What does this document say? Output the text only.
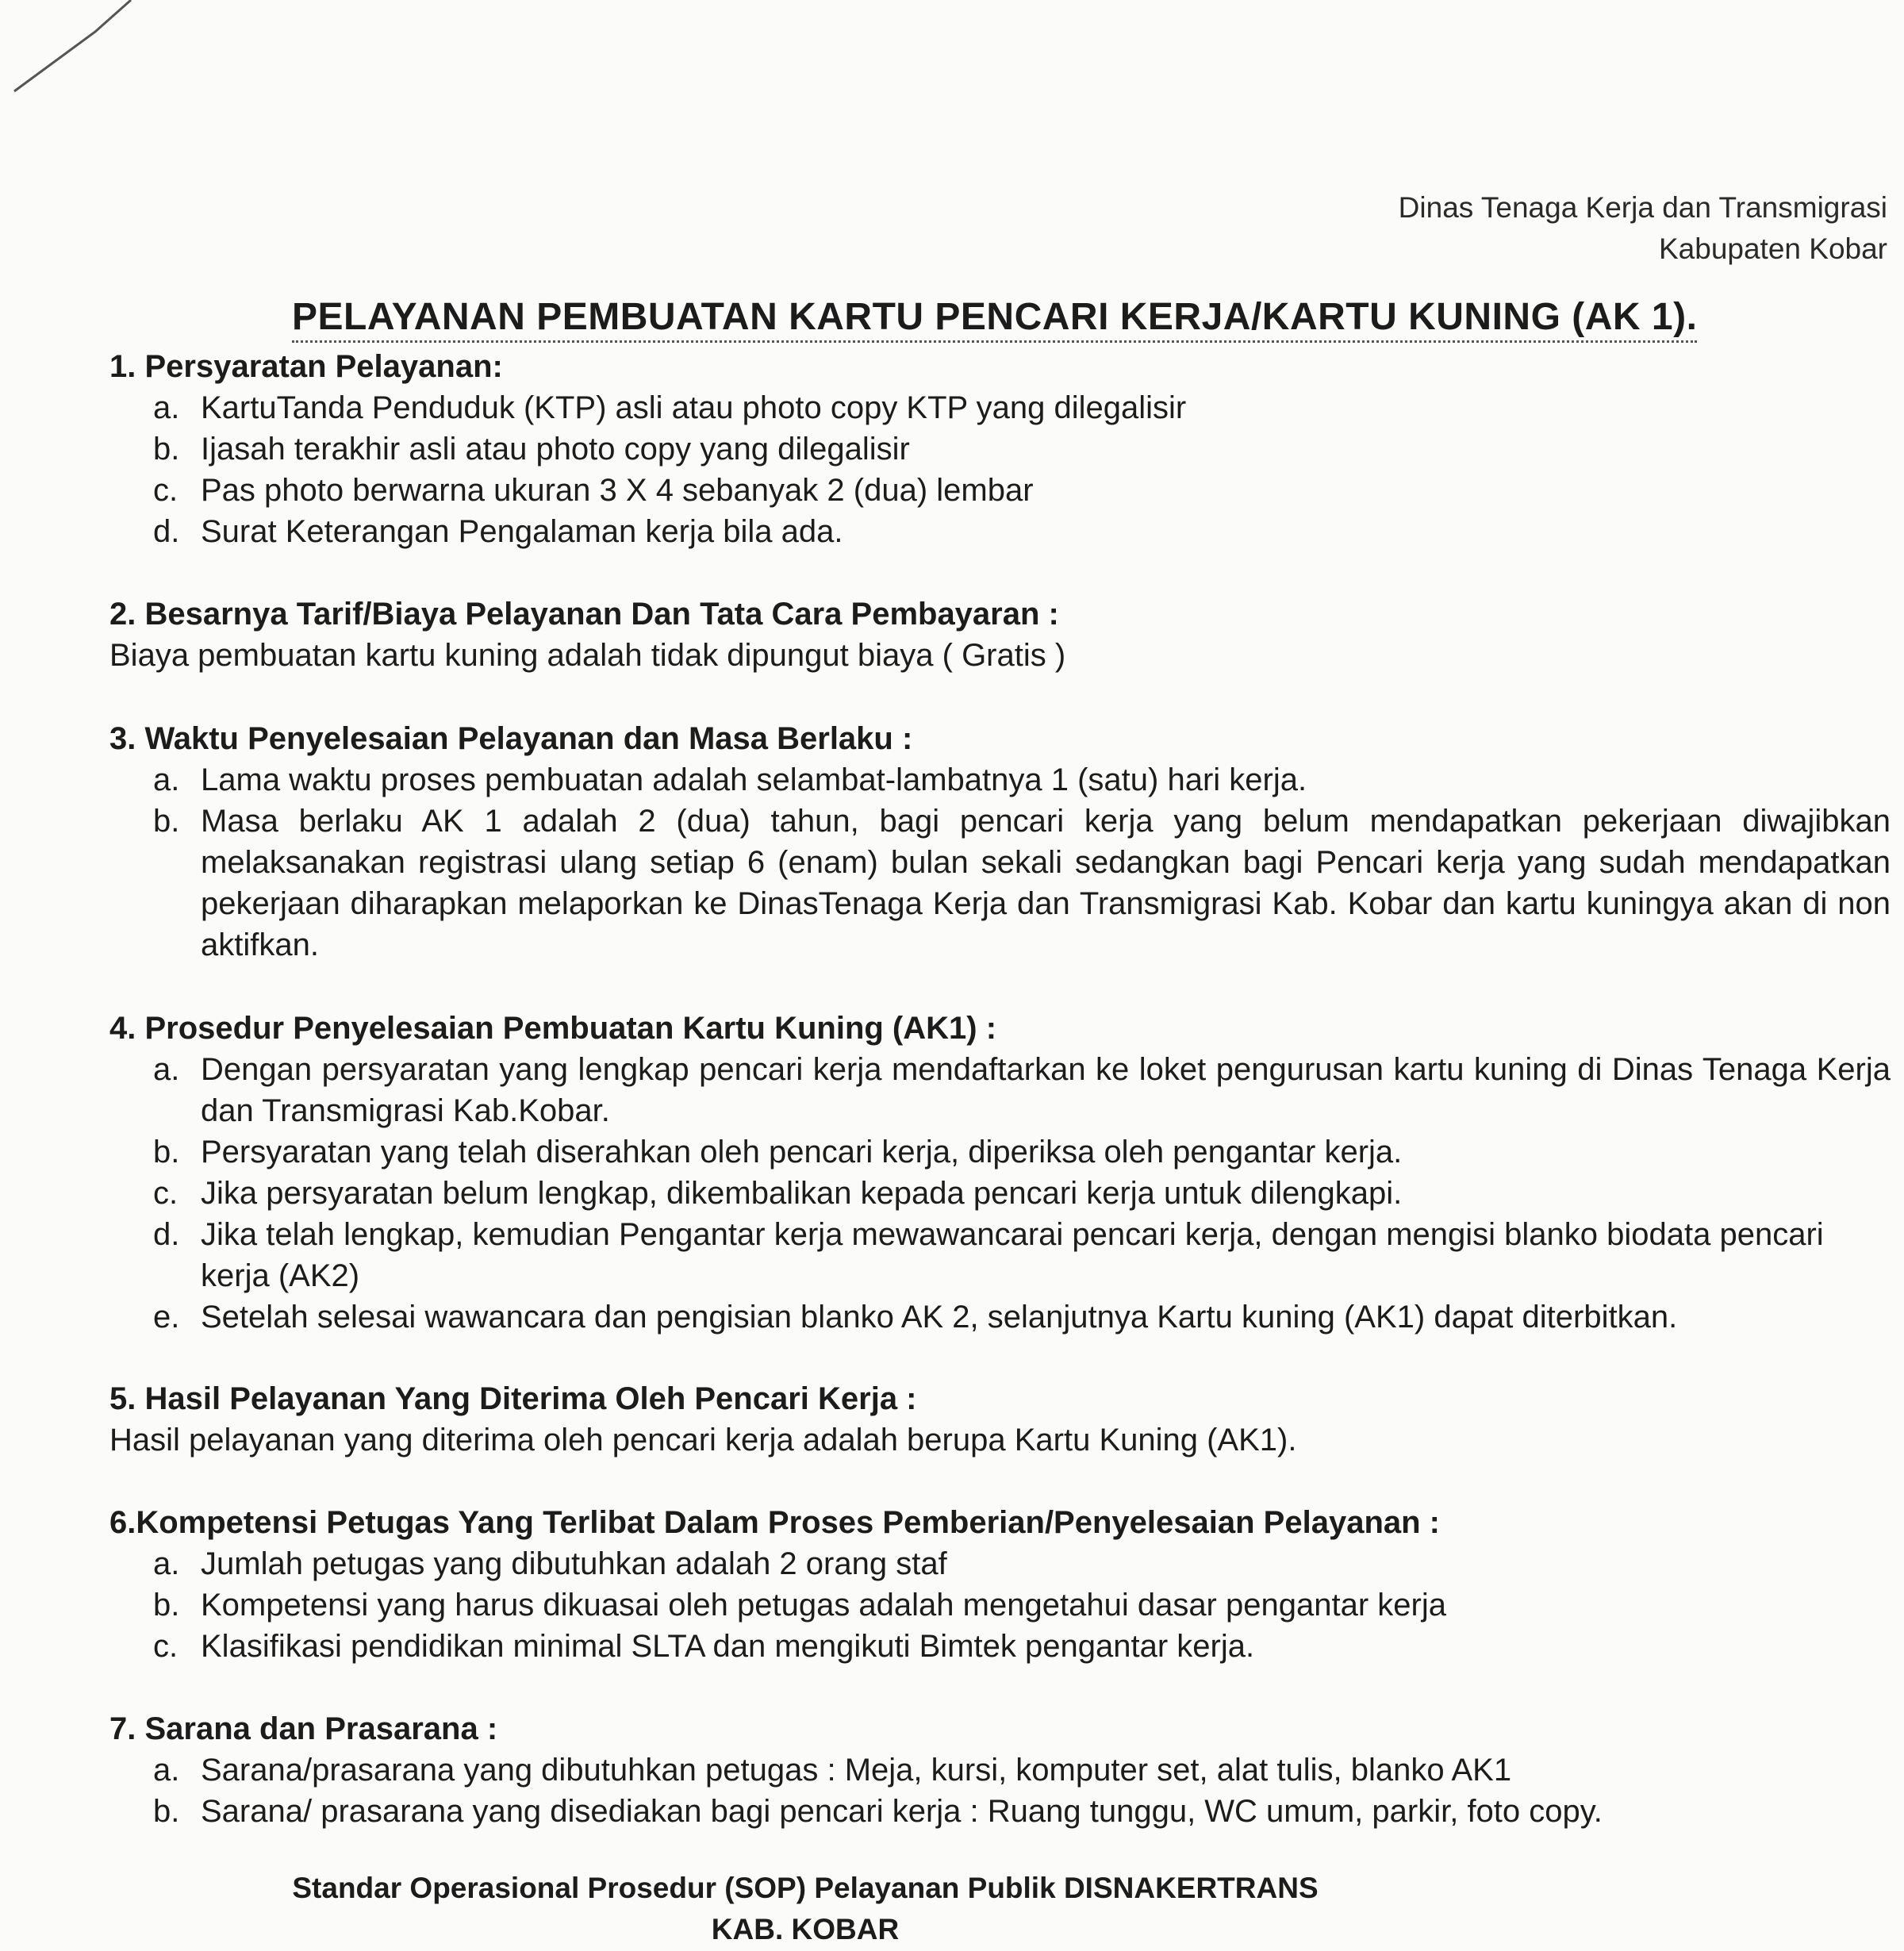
Dinas Tenaga Kerja dan Transmigrasi
Kabupaten Kobar
PELAYANAN PEMBUATAN KARTU PENCARI KERJA/KARTU KUNING (AK 1).
1. Persyaratan Pelayanan:
a. KartuTanda Penduduk (KTP) asli atau photo copy KTP yang dilegalisir
b. Ijasah terakhir asli atau photo copy yang dilegalisir
c. Pas photo berwarna ukuran 3 X 4 sebanyak 2 (dua) lembar
d. Surat Keterangan Pengalaman kerja bila ada.
2. Besarnya Tarif/Biaya Pelayanan Dan Tata Cara Pembayaran :
Biaya pembuatan kartu kuning adalah tidak dipungut biaya ( Gratis )
3. Waktu Penyelesaian Pelayanan dan Masa Berlaku :
a. Lama waktu proses pembuatan adalah selambat-lambatnya 1 (satu) hari kerja.
b. Masa berlaku AK 1 adalah 2 (dua) tahun, bagi pencari kerja yang belum mendapatkan pekerjaan diwajibkan melaksanakan registrasi ulang setiap 6 (enam) bulan sekali sedangkan bagi Pencari kerja yang sudah mendapatkan pekerjaan diharapkan melaporkan ke DinasTenaga Kerja dan Transmigrasi Kab. Kobar dan kartu kuningya akan di non aktifkan.
4. Prosedur Penyelesaian Pembuatan Kartu Kuning (AK1) :
a. Dengan persyaratan yang lengkap pencari kerja mendaftarkan ke loket pengurusan kartu kuning di Dinas Tenaga Kerja dan Transmigrasi Kab.Kobar.
b. Persyaratan yang telah diserahkan oleh pencari kerja, diperiksa oleh pengantar kerja.
c. Jika persyaratan belum lengkap, dikembalikan kepada pencari kerja untuk dilengkapi.
d. Jika telah lengkap, kemudian Pengantar kerja mewawancarai pencari kerja, dengan mengisi blanko biodata pencari kerja (AK2)
e. Setelah selesai wawancara dan pengisian blanko AK 2, selanjutnya Kartu kuning (AK1) dapat diterbitkan.
5. Hasil Pelayanan Yang Diterima Oleh Pencari Kerja :
Hasil pelayanan yang diterima oleh pencari kerja adalah berupa Kartu Kuning (AK1).
6.Kompetensi Petugas Yang Terlibat Dalam Proses Pemberian/Penyelesaian Pelayanan :
a. Jumlah petugas yang dibutuhkan adalah 2 orang staf
b. Kompetensi yang harus dikuasai oleh petugas adalah mengetahui dasar pengantar kerja
c. Klasifikasi pendidikan minimal SLTA dan mengikuti Bimtek pengantar kerja.
7. Sarana dan Prasarana :
a. Sarana/prasarana yang dibutuhkan petugas : Meja, kursi, komputer set, alat tulis, blanko AK1
b. Sarana/ prasarana yang disediakan bagi pencari kerja : Ruang tunggu, WC umum, parkir, foto copy.
Standar Operasional Prosedur (SOP) Pelayanan Publik DISNAKERTRANS
KAB. KOBAR
